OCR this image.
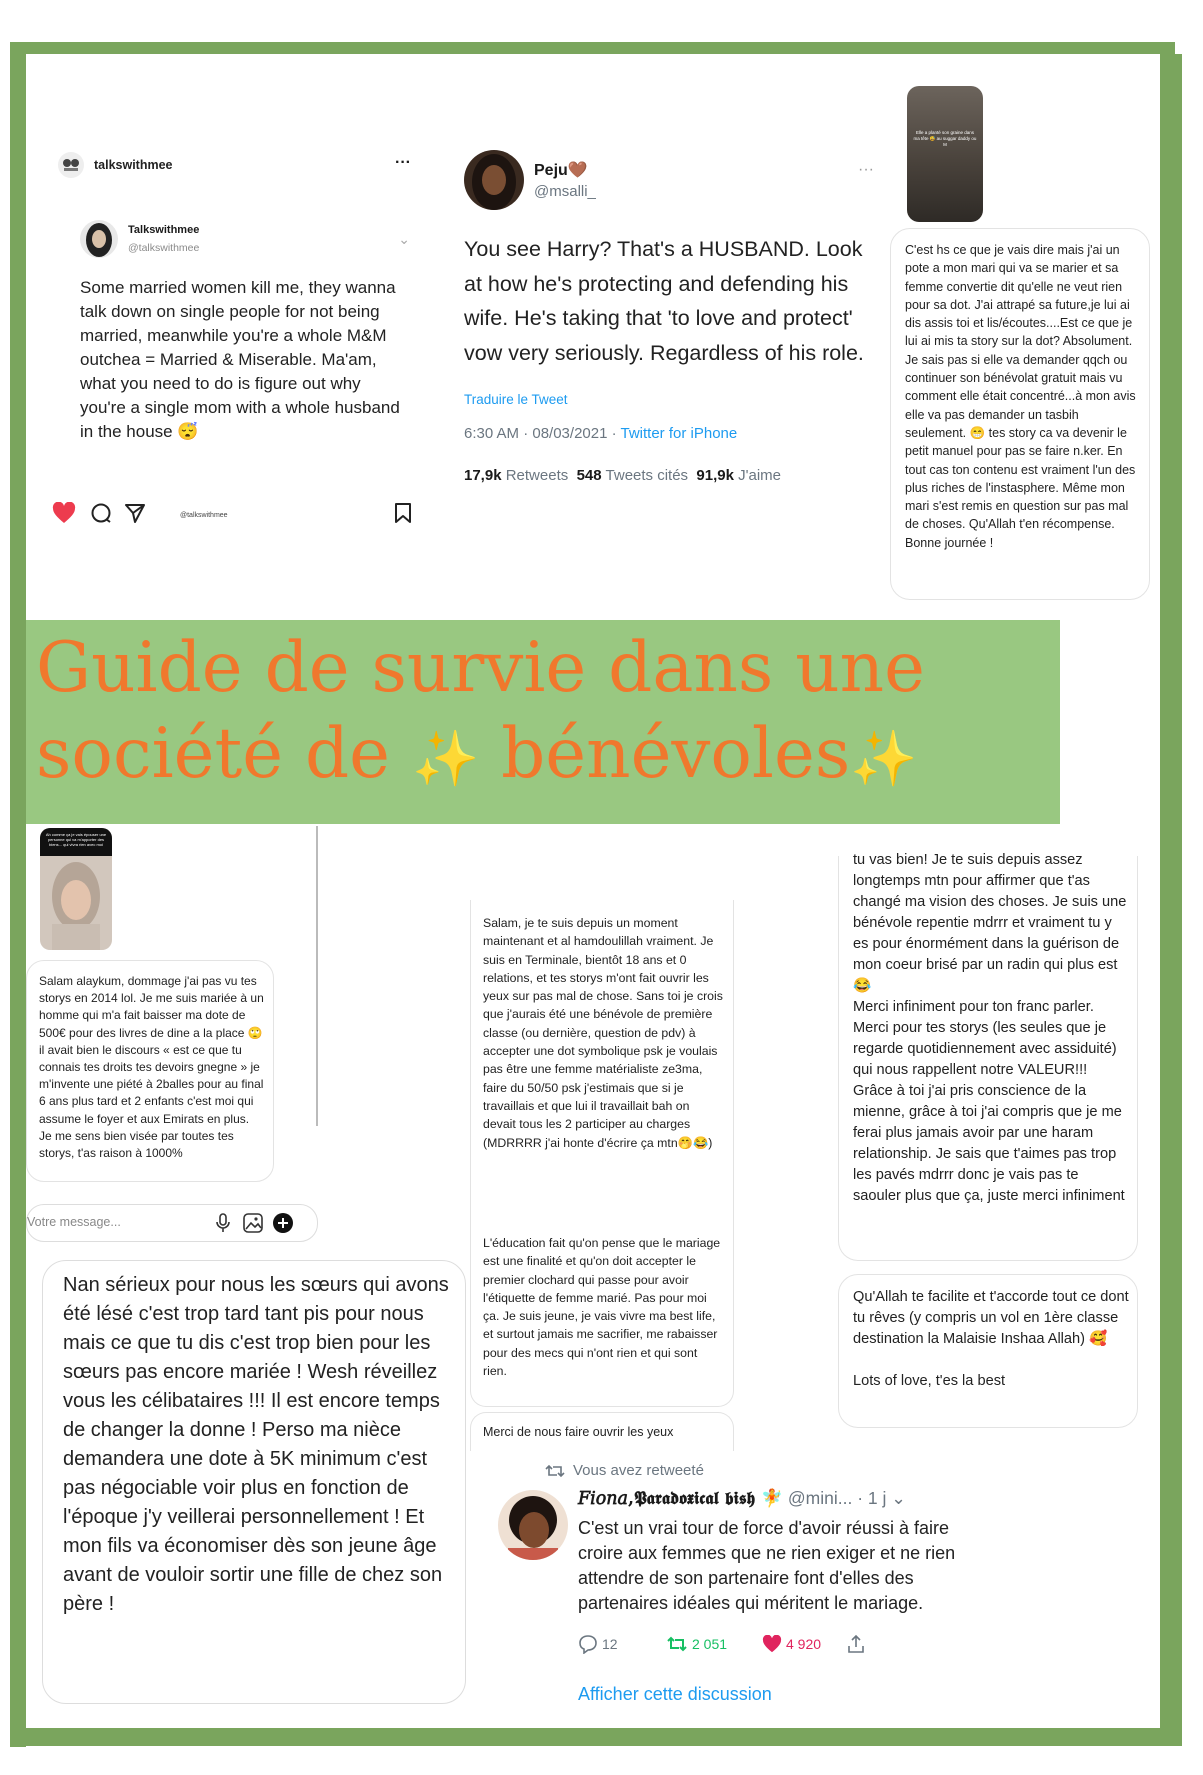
talkswithmee	···
Talkswithmee
@talkswithmee
⌄
Some married women kill me, they wanna talk down on single people for not being married, meanwhile you're a whole M&M outchea = Married & Miserable. Ma'am, what you need to do is figure out why you're a single mom with a whole husband in the house 😴
@talkswithmee
Peju🤎
@msalli_
···
You see Harry? That's a HUSBAND. Look at how he's protecting and defending his wife. He's taking that 'to love and protect' vow very seriously. Regardless of his role.
Traduire le Tweet
6:30 AM · 08/03/2021 · Twitter for iPhone
17,9k Retweets 548 Tweets cités 91,9k J'aime
Elle a planté son graine dans ma tête 😅 au suggar daddy ou M
C'est hs ce que je vais dire mais j'ai un pote a mon mari qui va se marier et sa femme convertie dit qu'elle ne veut rien pour sa dot. J'ai attrapé sa future,je lui ai dis assis toi et lis/écoutes....Est ce que je lui ai mis ta story sur la dot? Absolument. Je sais pas si elle va demander qqch ou continuer son bénévolat gratuit mais vu comment elle était concentré...à mon avis elle va pas demander un tasbih seulement. 😁 tes story ca va devenir le petit manuel pour pas se faire n.ker. En tout cas ton contenu est vraiment l'un des plus riches de l'instasphere. Même mon mari s'est remis en question sur pas mal de choses. Qu'Allah t'en récompense. Bonne journée !
Guide de survie dans une
société de ✨ bénévoles✨
Ah comme ça je vais épouser une personne qui va m'apporter des biens... qui vivra rien avec moi
Salam alaykum, dommage j'ai pas vu tes storys en 2014 lol. Je me suis mariée à un homme qui m'a fait baisser ma dote de 500€ pour des livres de dine a la place 🙄 il avait bien le discours « est ce que tu connais tes droits tes devoirs gnegne » je m'invente une piété à 2balles pour au final 6 ans plus tard et 2 enfants c'est moi qui assume le foyer et aux Emirats en plus. Je me sens bien visée par toutes tes storys, t'as raison à 1000%
Votre message...
Nan sérieux pour nous les sœurs qui avons été lésé c'est trop tard tant pis pour nous mais ce que tu dis c'est trop bien pour les sœurs pas encore mariée ! Wesh réveillez vous les célibataires !!! Il est encore temps de changer la donne ! Perso ma nièce demandera une dote à 5K minimum c'est pas négociable voir plus en fonction de l'époque j'y veillerai personnellement ! Et mon fils va économiser dès son jeune âge avant de vouloir sortir une fille de chez son père !
Salam, je te suis depuis un moment maintenant et al hamdoulillah vraiment. Je suis en Terminale, bientôt 18 ans et 0 relations, et tes storys m'ont fait ouvrir les yeux sur pas mal de chose. Sans toi je crois que j'aurais été une bénévole de première classe (ou dernière, question de pdv) à accepter une dot symbolique psk je voulais pas être une femme matérialiste ze3ma, faire du 50/50 psk j'estimais que si je travaillais et que lui il travaillait bah on devait tous les 2 participer au charges (MDRRRR j'ai honte d'écrire ça mtn🤭😂)
L'éducation fait qu'on pense que le mariage est une finalité et qu'on doit accepter le premier clochard qui passe pour avoir l'étiquette de femme marié. Pas pour moi ça. Je suis jeune, je vais vivre ma best life, et surtout jamais me sacrifier, me rabaisser pour des mecs qui n'ont rien et qui sont rien.
Merci de nous faire ouvrir les yeux
tu vas bien! Je te suis depuis assez longtemps mtn pour affirmer que t'as changé ma vision des choses. Je suis une bénévole repentie mdrrr et vraiment tu y es pour énormément dans la guérison de mon coeur brisé par un radin qui plus est 😂
Merci infiniment pour ton franc parler. Merci pour tes storys (les seules que je regarde quotidiennement avec assiduité) qui nous rappellent notre VALEUR!!!
Grâce à toi j'ai pris conscience de la mienne, grâce à toi j'ai compris que je me ferai plus jamais avoir par une haram relationship. Je sais que t'aimes pas trop les pavés mdrrr donc je vais pas te saouler plus que ça, juste merci infiniment
Qu'Allah te facilite et t'accorde tout ce dont tu rêves (y compris un vol en 1ère classe destination la Malaisie Inshaa Allah) 🥰

Lots of love, t'es la best
Vous avez retweeté
𝐹𝑖𝑜𝑛𝑎,𝕻𝖆𝖗𝖆𝖉𝖔𝖝𝖎𝖈𝖆𝖑 𝖇𝖎𝖘𝖍 🧚 @mini... · 1 j ⌄
C'est un vrai tour de force d'avoir réussi à faire croire aux femmes que ne rien exiger et ne rien attendre de son partenaire font d'elles des partenaires idéales qui méritent le mariage.
12	2 051	4 920
Afficher cette discussion
